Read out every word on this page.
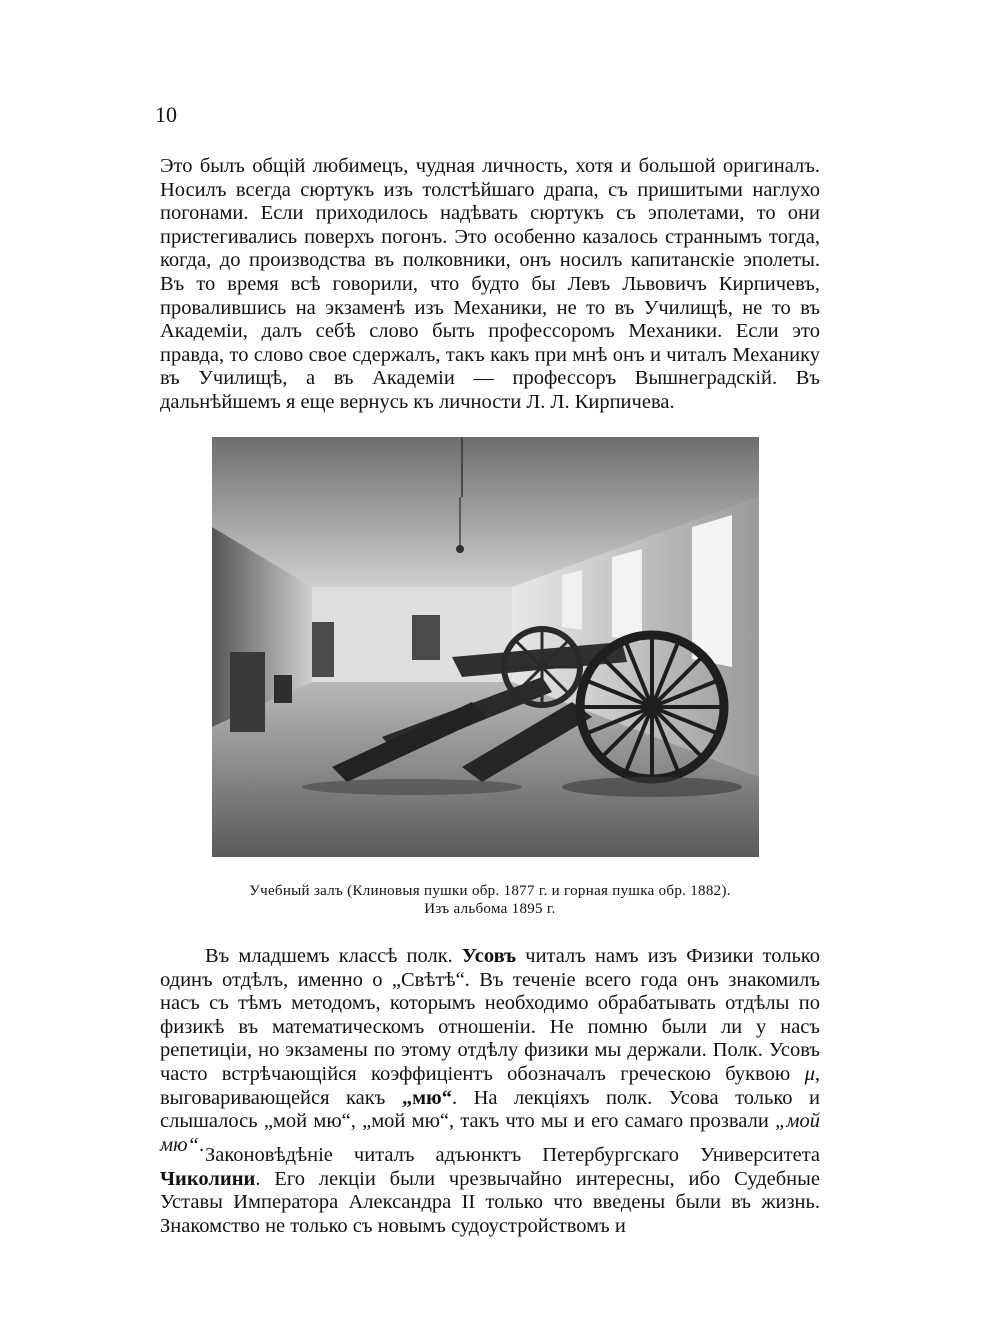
10

Это былъ общій любимецъ, чудная личность, хотя и большой оригиналъ. Носилъ всегда сюртукъ изъ толстѣйшаго драпа, съ пришитыми наглухо погонами. Если приходилось надѣвать сюртукъ съ эполетами, то они пристегивались поверхъ погонъ. Это особенно казалось страннымъ тогда, когда, до производства въ полковники, онъ носилъ капитанскіе эполеты. Въ то время всѣ говорили, что будто бы Левъ Львовичъ Кирпичевъ, провалившись на экзаменѣ изъ Механики, не то въ Училищѣ, не то въ Академіи, далъ себѣ слово быть профессоромъ Механики. Если это правда, то слово свое сдержалъ, такъ какъ при мнѣ онъ и читалъ Механику въ Училищѣ, а въ Академіи — профессоръ Вышнеградскій. Въ дальнѣйшемъ я еще вернусь къ личности Л. Л. Кирпичева.

Учебный залъ (Клиновыя пушки обр. 1877 г. и горная пушка обр. 1882).
Изъ альбома 1895 г.

Въ младшемъ классѣ полк. Усовъ читалъ намъ изъ Физики только одинъ отдѣлъ, именно о „Свѣтѣ“. Въ теченіе всего года онъ знакомилъ насъ съ тѣмъ методомъ, которымъ необходимо обрабатывать отдѣлы по физикѣ въ математическомъ отношеніи. Не помню были ли у насъ репетиціи, но экзамены по этому отдѣлу физики мы держали. Полк. Усовъ часто встрѣчающійся коэффиціентъ обозначалъ греческою буквою μ, выговаривающейся какъ „мю“. На лекціяхъ полк. Усова только и слышалось „мой мю“, „мой мю“, такъ что мы и его самаго прозвали „мой мю“. Законовѣдѣніе читалъ адъюнктъ Петербургскаго Университета Чиколини. Его лекціи были чрезвычайно интересны, ибо Судебные Уставы Императора Александра II только что введены были въ жизнь. Знакомство не только съ новымъ судоустройствомъ и
